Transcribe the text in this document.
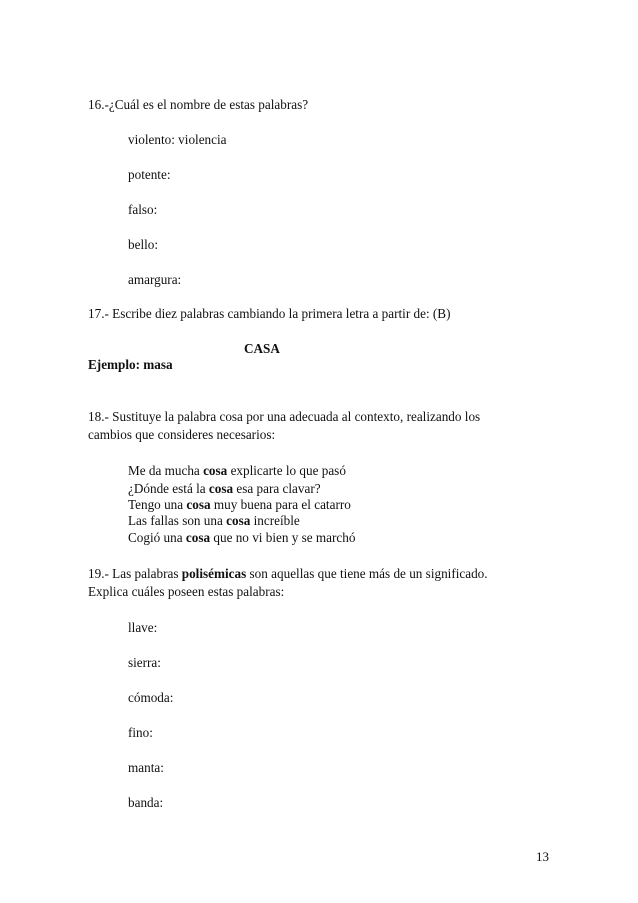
16.-¿Cuál es el nombre de estas palabras?
violento: violencia
potente:
falso:
bello:
amargura:
17.- Escribe diez palabras cambiando la primera letra a partir de: (B)
CASA
Ejemplo: masa
18.- Sustituye la palabra cosa por una adecuada al contexto, realizando los
cambios que consideres necesarios:
Me da mucha cosa explicarte lo que pasó
¿Dónde está la cosa esa para clavar?
Tengo una cosa muy buena para el catarro
Las fallas son una cosa increíble
Cogió una cosa que no vi bien y se marchó
19.- Las palabras polisémicas son aquellas que tiene más de un significado.
Explica cuáles poseen estas palabras:
llave:
sierra:
cómoda:
fino:
manta:
banda:
13
